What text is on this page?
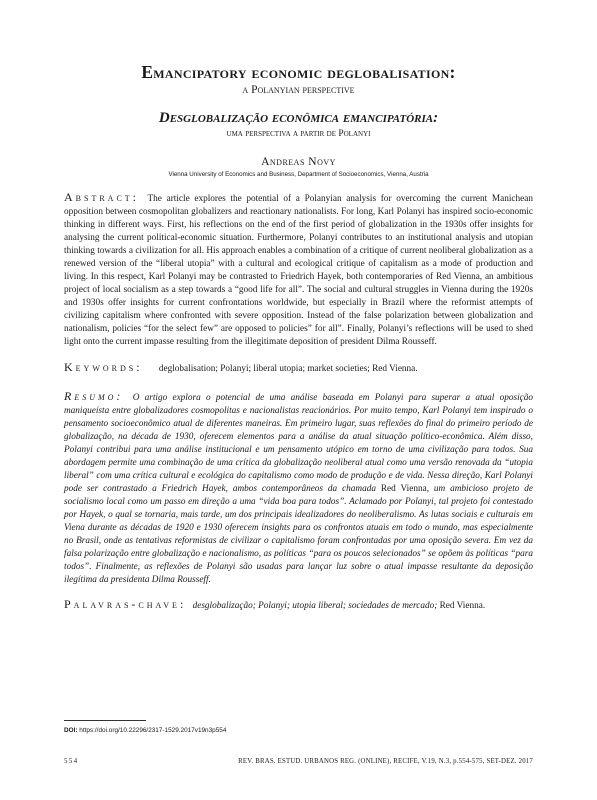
Emancipatory economic deglobalisation:
a Polanyian perspective
Desglobalização econômica emancipatória:
uma perspectiva a partir de Polanyi
Andreas Novy
Vienna University of Economics and Business, Department of Socioeconomics, Vienna, Austria

Abstract: The article explores the potential of a Polanyian analysis for overcoming the current Manichean opposition between cosmopolitan globalizers and reactionary nationalists. For long, Karl Polanyi has inspired socio-economic thinking in different ways. First, his reflections on the end of the first period of globalization in the 1930s offer insights for analysing the current political-economic situation. Furthermore, Polanyi contributes to an institutional analysis and utopian thinking towards a civilization for all. His approach enables a combination of a critique of current neoliberal globalization as a renewed version of the “liberal utopia” with a cultural and ecological critique of capitalism as a mode of production and living. In this respect, Karl Polanyi may be contrasted to Friedrich Hayek, both contemporaries of Red Vienna, an ambitious project of local socialism as a step towards a “good life for all”. The social and cultural struggles in Vienna during the 1920s and 1930s offer insights for current confrontations worldwide, but especially in Brazil where the reformist attempts of civilizing capitalism where confronted with severe opposition. Instead of the false polarization between globalization and nationalism, policies “for the select few” are opposed to policies” for all”. Finally, Polanyi’s reflections will be used to shed light onto the current impasse resulting from the illegitimate deposition of president Dilma Rousseff.

Keywords: deglobalisation; Polanyi; liberal utopia; market societies; Red Vienna.

Resumo: O artigo explora o potencial de uma análise baseada em Polanyi para superar a atual oposição maniqueísta entre globalizadores cosmopolitas e nacionalistas reacionários. Por muito tempo, Karl Polanyi tem inspirado o pensamento socioeconômico atual de diferentes maneiras. Em primeiro lugar, suas reflexões do final do primeiro período de globalização, na década de 1930, oferecem elementos para a análise da atual situação político-econômica. Além disso, Polanyi contribui para uma análise institucional e um pensamento utópico em torno de uma civilização para todos. Sua abordagem permite uma combinação de uma crítica da globalização neoliberal atual como uma versão renovada da “utopia liberal” com uma crítica cultural e ecológica do capitalismo como modo de produção e de vida. Nessa direção, Karl Polanyi pode ser contrastado a Friedrich Hayek, ambos contemporâneos da chamada Red Vienna, um ambicioso projeto de socialismo local como um passo em direção a uma “vida boa para todos”. Aclamado por Polanyi, tal projeto foi contestado por Hayek, o qual se tornaria, mais tarde, um dos principais idealizadores do neoliberalismo. As lutas sociais e culturais em Viena durante as décadas de 1920 e 1930 oferecem insights para os confrontos atuais em todo o mundo, mas especialmente no Brasil, onde as tentativas reformistas de civilizar o capitalismo foram confrontadas por uma oposição severa. Em vez da falsa polarização entre globalização e nacionalismo, as políticas “para os poucos selecionados” se opõem às políticas “para todos”. Finalmente, as reflexões de Polanyi são usadas para lançar luz sobre o atual impasse resultante da deposição ilegítima da presidenta Dilma Rousseff.

Palavras-chave: desglobalização; Polanyi; utopia liberal; sociedades de mercado; Red Vienna.

DOI: https://doi.org/10.22296/2317-1529.2017v19n3p554
554	REV. BRAS. ESTUD. URBANOS REG. (ONLINE), RECIFE, V.19, N.3, p.554-575, SET-DEZ. 2017
